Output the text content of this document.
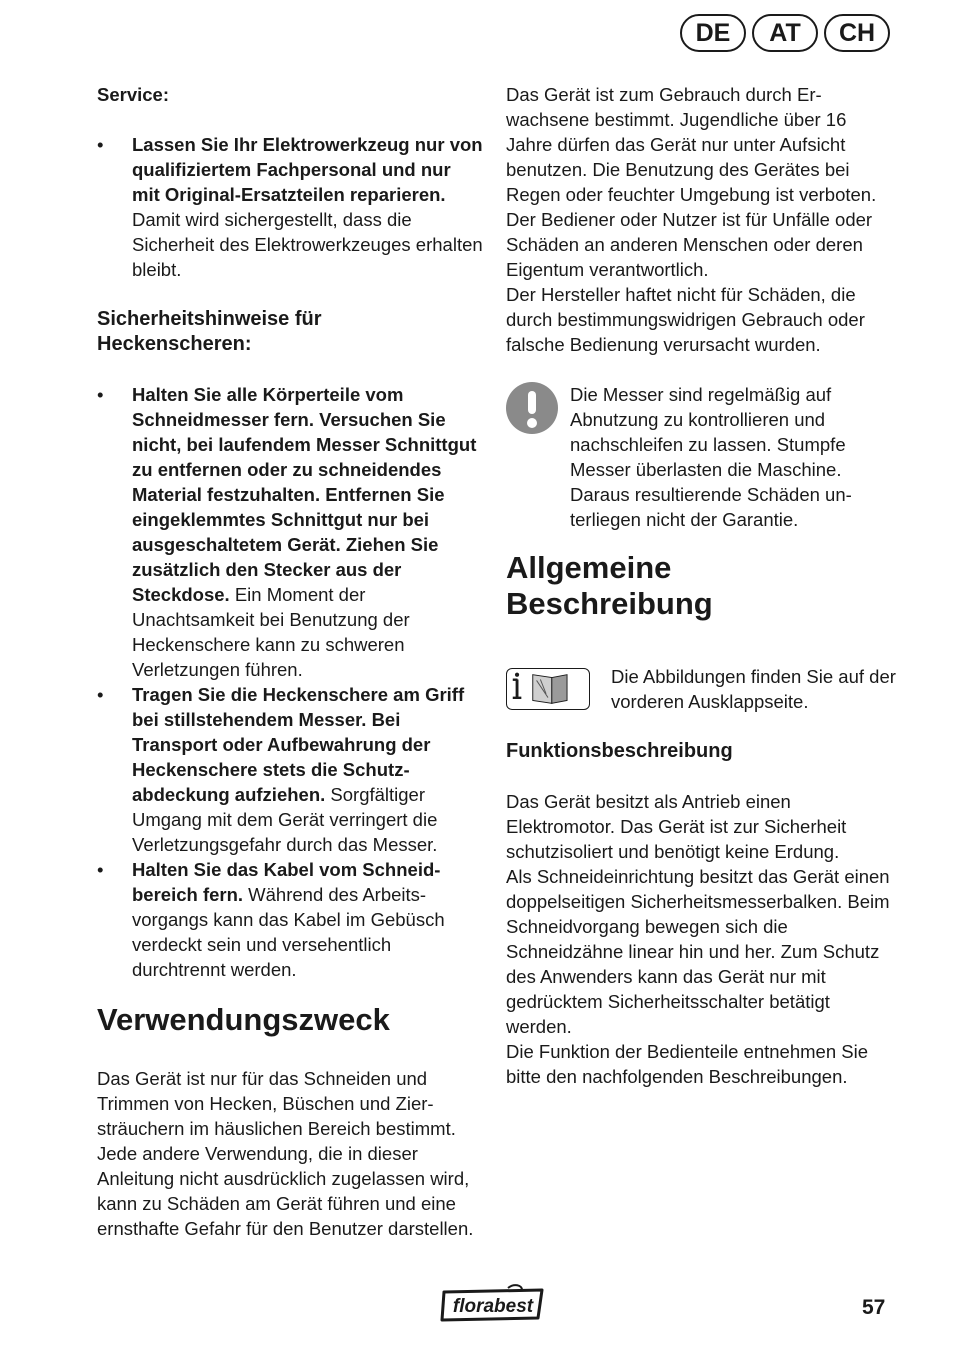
DE	AT	CH

Service:

• Lassen Sie Ihr Elektrowerkzeug nur von qualifiziertem Fachpersonal und nur mit Original-Ersatzteilen reparieren. Damit wird sichergestellt, dass die Sicherheit des Elektrowerkzeuges erhalten bleibt.

Sicherheitshinweise für
Heckenscheren:

• Halten Sie alle Körperteile vom Schneidmesser fern. Versuchen Sie nicht, bei laufendem Messer Schnittgut zu entfernen oder zu schneidendes Material festzuhalten. Entfernen Sie eingeklemmtes Schnittgut nur bei ausgeschaltetem Gerät. Ziehen Sie zusätzlich den Stecker aus der Steckdose. Ein Moment der Unachtsamkeit bei Benutzung der Heckenschere kann zu schweren Verletzungen führen.
• Tragen Sie die Heckenschere am Griff bei stillstehendem Messer. Bei Transport oder Aufbewahrung der Heckenschere stets die Schutzabdeckung aufziehen. Sorgfältiger Umgang mit dem Gerät verringert die Verletzungsgefahr durch das Messer.
• Halten Sie das Kabel vom Schneidbereich fern. Während des Arbeitsvorgangs kann das Kabel im Gebüsch verdeckt sein und versehentlich durchtrennt werden.

Verwendungszweck

Das Gerät ist nur für das Schneiden und Trimmen von Hecken, Büschen und Ziersträuchern im häuslichen Bereich bestimmt. Jede andere Verwendung, die in dieser Anleitung nicht ausdrücklich zugelassen wird, kann zu Schäden am Gerät führen und eine ernsthafte Gefahr für den Benutzer darstellen.

Das Gerät ist zum Gebrauch durch Erwachsene bestimmt. Jugendliche über 16 Jahre dürfen das Gerät nur unter Aufsicht benutzen. Die Benutzung des Gerätes bei Regen oder feuchter Umgebung ist verboten.

Der Bediener oder Nutzer ist für Unfälle oder Schäden an anderen Menschen oder deren Eigentum verantwortlich.

Der Hersteller haftet nicht für Schäden, die durch bestimmungswidrigen Gebrauch oder falsche Bedienung verursacht wurden.

Die Messer sind regelmäßig auf Abnutzung zu kontrollieren und nachschleifen zu lassen. Stumpfe Messer überlasten die Maschine. Daraus resultierende Schäden unterliegen nicht der Garantie.

Allgemeine
Beschreibung

Die Abbildungen finden Sie auf der vorderen Ausklappseite.

Funktionsbeschreibung

Das Gerät besitzt als Antrieb einen Elektromotor. Das Gerät ist zur Sicherheit schutzisoliert und benötigt keine Erdung.

Als Schneideinrichtung besitzt das Gerät einen doppelseitigen Sicherheitsmesserbalken. Beim Schneidvorgang bewegen sich die Schneidzähne linear hin und her. Zum Schutz des Anwenders kann das Gerät nur mit gedrücktem Sicherheitsschalter betätigt werden.

Die Funktion der Bedienteile entnehmen Sie bitte den nachfolgenden Beschreibungen.

florabest	57
